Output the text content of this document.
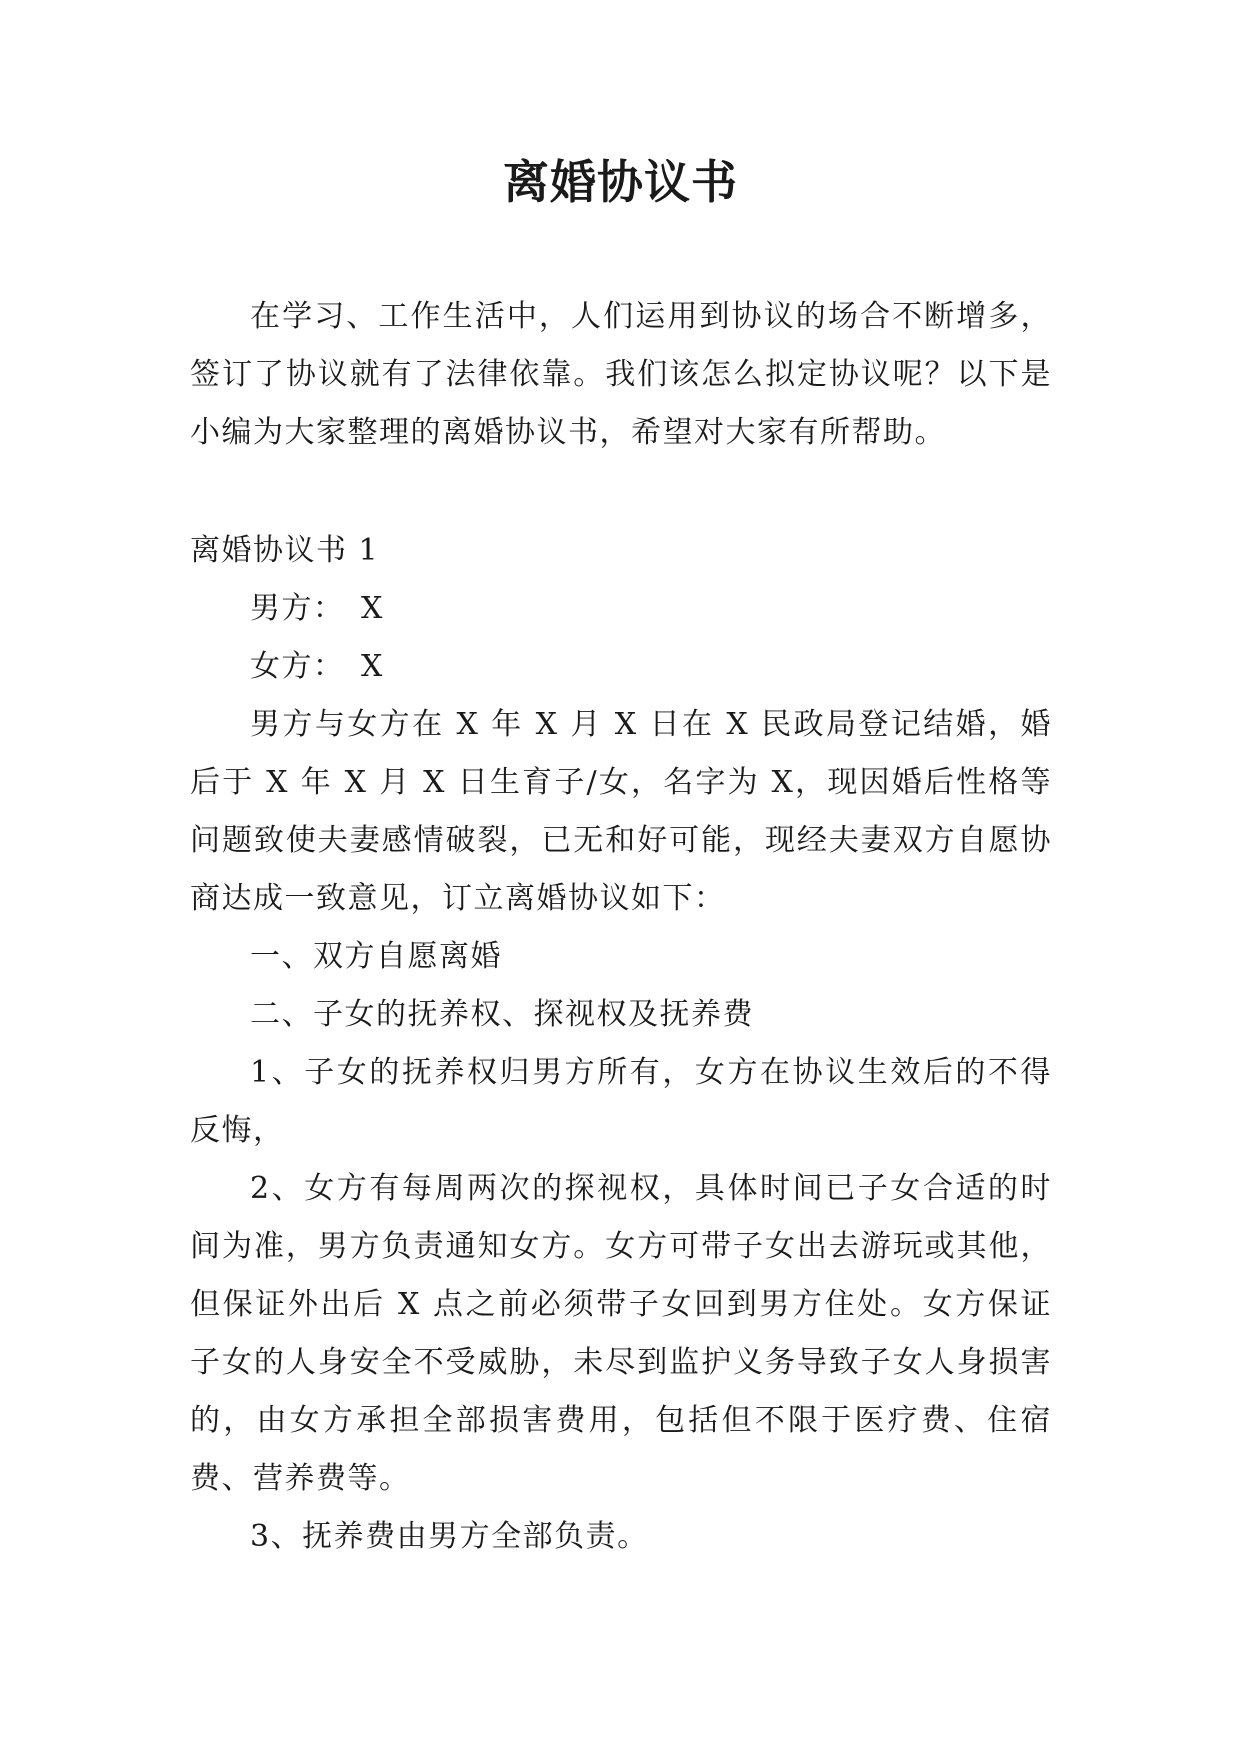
离婚协议书

在学习、工作生活中，人们运用到协议的场合不断增多，签订了协议就有了法律依靠。我们该怎么拟定协议呢？以下是小编为大家整理的离婚协议书，希望对大家有所帮助。

离婚协议书 1

男方：　X

女方：　X

男方与女方在 X 年 X 月 X 日在 X 民政局登记结婚，婚后于 X 年 X 月 X 日生育子/女，名字为 X，现因婚后性格等问题致使夫妻感情破裂，已无和好可能，现经夫妻双方自愿协商达成一致意见，订立离婚协议如下：

一、双方自愿离婚

二、子女的抚养权、探视权及抚养费

1、子女的抚养权归男方所有，女方在协议生效后的不得反悔，

2、女方有每周两次的探视权，具体时间已子女合适的时间为准，男方负责通知女方。女方可带子女出去游玩或其他，但保证外出后 X 点之前必须带子女回到男方住处。女方保证子女的人身安全不受威胁，未尽到监护义务导致子女人身损害的，由女方承担全部损害费用，包括但不限于医疗费、住宿费、营养费等。

3、抚养费由男方全部负责。
